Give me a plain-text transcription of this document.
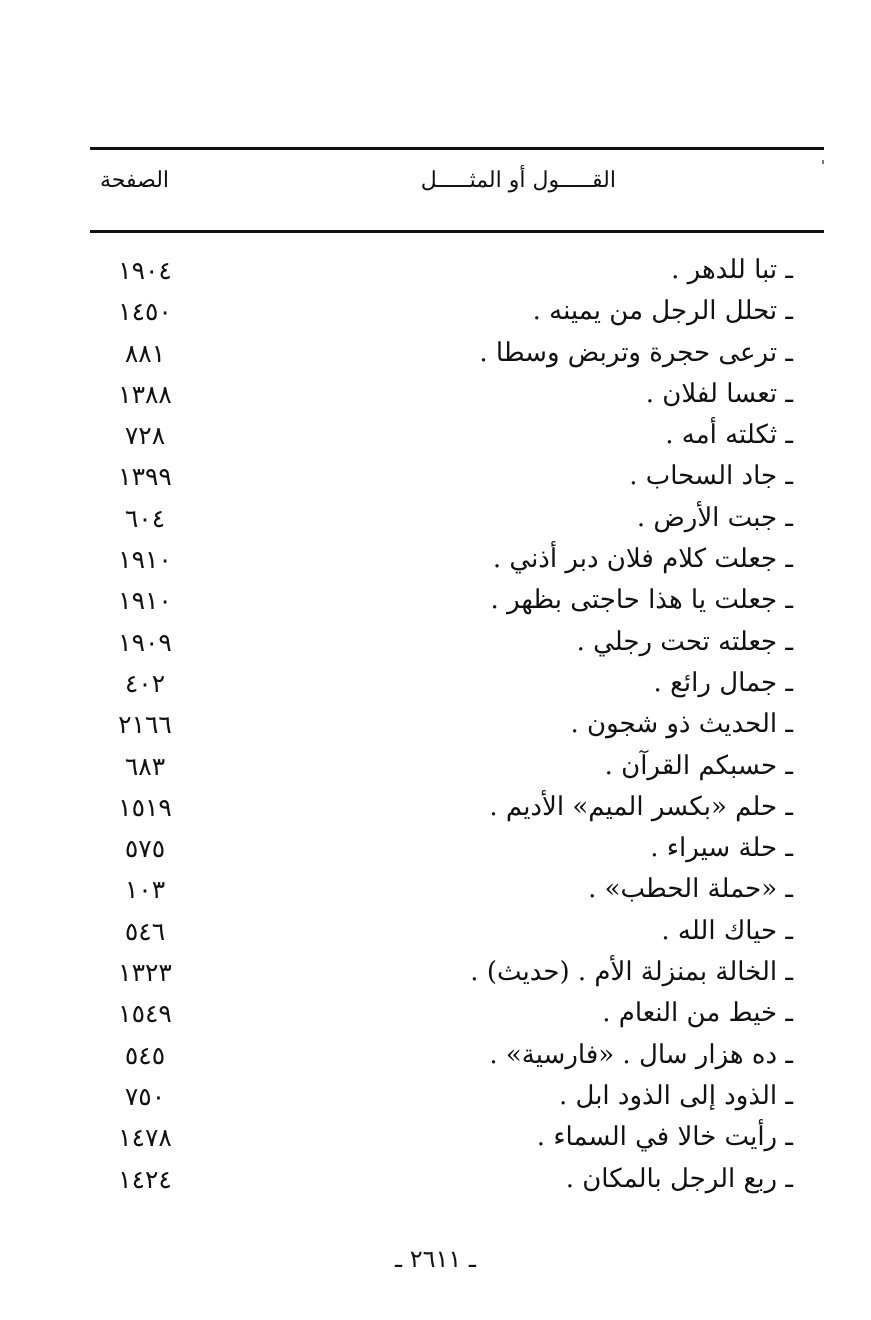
القـــــول أو المثـــــل
الصفحة
ـ تبا للدهر .
١٩٠٤
ـ تحلل الرجل من يمينه .
١٤٥٠
ـ ترعى حجرة وتربض وسطا .
٨٨١
ـ تعسا لفلان .
١٣٨٨
ـ ثكلته أمه .
٧٢٨
ـ جاد السحاب .
١٣٩٩
ـ جبت الأرض .
٦٠٤
ـ جعلت كلام فلان دبر أذني .
١٩١٠
ـ جعلت يا هذا حاجتى بظهر .
١٩١٠
ـ جعلته تحت رجلي .
١٩٠٩
ـ جمال رائع .
٤٠٢
ـ الحديث ذو شجون .
٢١٦٦
ـ حسبكم القرآن .
٦٨٣
ـ حلم «بكسر الميم» الأديم .
١٥١٩
ـ حلة سيراء .
٥٧٥
ـ «حملة الحطب» .
١٠٣
ـ حياك الله .
٥٤٦
ـ الخالة بمنزلة الأم . (حديث) .
١٣٢٣
ـ خيط من النعام .
١٥٤٩
ـ ده هزار سال . «فارسية» .
٥٤٥
ـ الذود إلى الذود ابل .
٧٥٠
ـ رأيت خالا في السماء .
١٤٧٨
ـ ربع الرجل بالمكان .
١٤٢٤
ـ ٢٦١١ ـ
